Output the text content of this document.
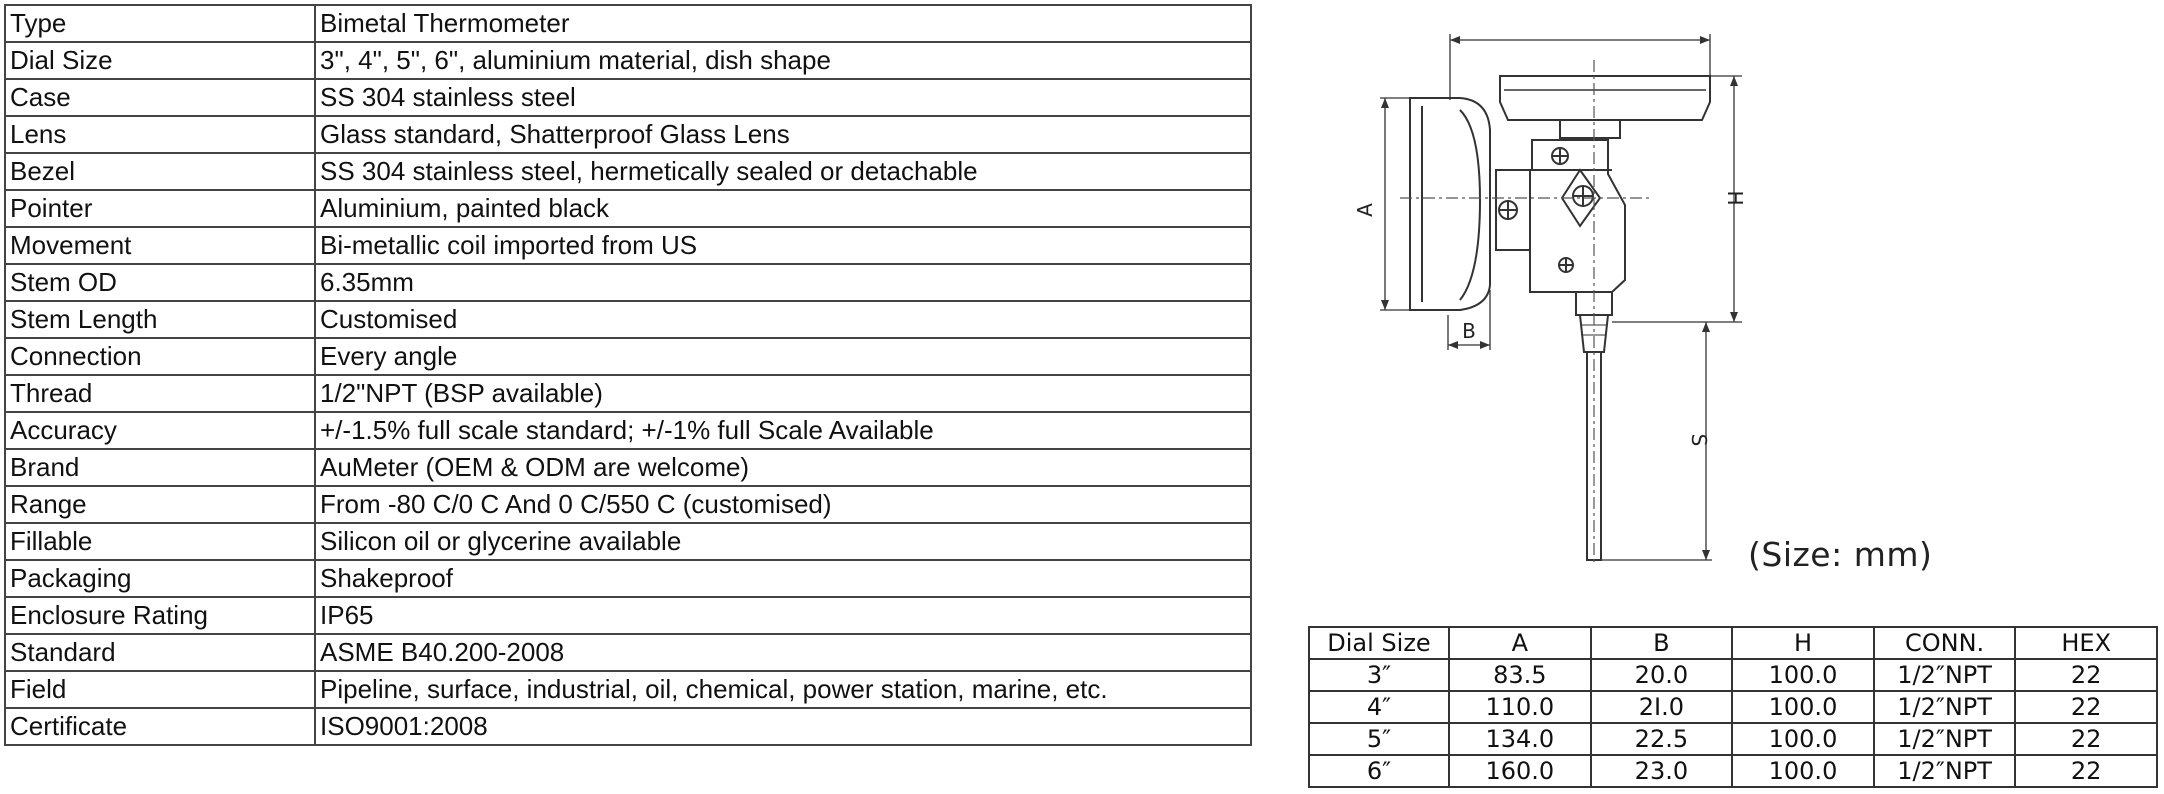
Type	Bimetal Thermometer
Dial Size	3", 4", 5", 6", aluminium material, dish shape
Case	SS 304 stainless steel
Lens	Glass standard, Shatterproof Glass Lens
Bezel	SS 304 stainless steel, hermetically sealed or detachable
Pointer	Aluminium, painted black
Movement	Bi-metallic coil imported from US
Stem OD	6.35mm
Stem Length	Customised
Connection	Every angle
Thread	1/2"NPT (BSP available)
Accuracy	+/-1.5% full scale standard; +/-1% full Scale Available
Brand	AuMeter (OEM & ODM are welcome)
Range	From -80 C/0 C And 0 C/550 C (customised)
Fillable	Silicon oil or glycerine available
Packaging	Shakeproof
Enclosure Rating	IP65
Standard	ASME B40.200-2008
Field	Pipeline, surface, industrial, oil, chemical, power station, marine, etc.
Certificate	ISO9001:2008
A
B
H
S
(Size: mm)
Dial Size	A	B	H	CONN.	HEX
3″	83.5	20.0	100.0	1/2″NPT	22
4″	110.0	2I.0	100.0	1/2″NPT	22
5″	134.0	22.5	100.0	1/2″NPT	22
6″	160.0	23.0	100.0	1/2″NPT	22
